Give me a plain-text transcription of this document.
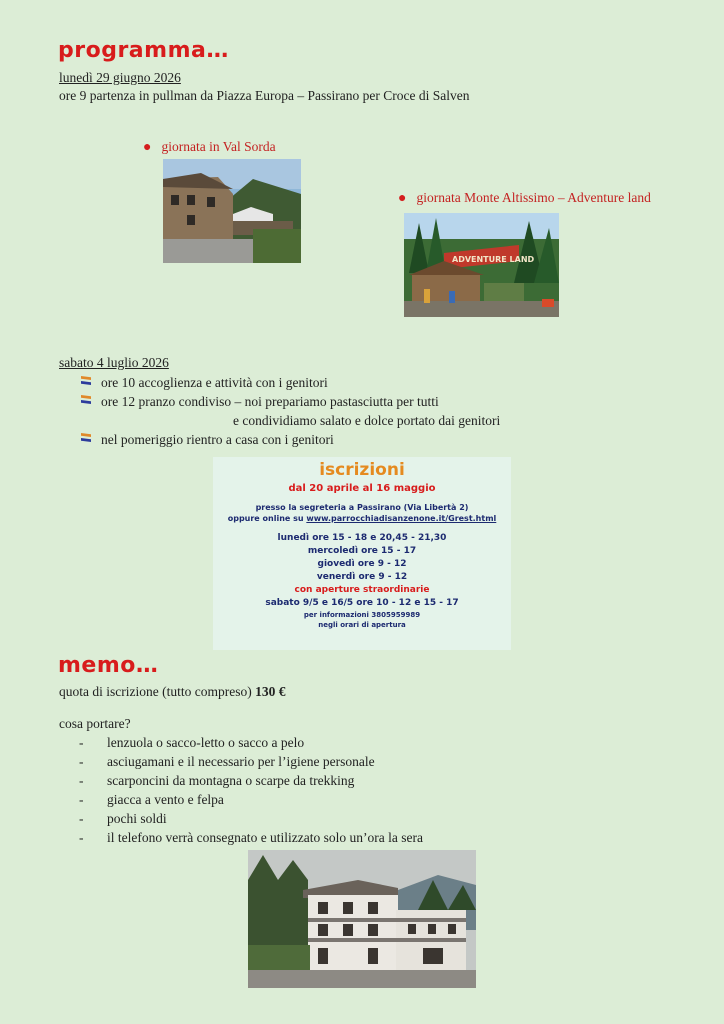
programma…
lunedì 29 giugno 2026
ore 9 partenza in pullman da Piazza Europa – Passirano per Croce di Salven
● giornata in Val Sorda
● giornata Monte Altissimo – Adventure land
ADVENTURE LAND
sabato 4 luglio 2026
ore 10 accoglienza e attività con i genitori
ore 12 pranzo condiviso – noi prepariamo pastasciutta per tutti
e condividiamo salato e dolce portato dai genitori
nel pomeriggio rientro a casa con i genitori
iscrizioni
dal 20 aprile al 16 maggio
presso la segreteria a Passirano (Via Libertà 2)
oppure online su www.parrocchiadisanzenone.it/Grest.html
lunedì ore 15 - 18 e 20,45 - 21,30
mercoledì ore 15 - 17
giovedì ore 9 - 12
venerdì ore 9 - 12
con aperture straordinarie
sabato 9/5 e 16/5 ore 10 - 12 e 15 - 17
per informazioni 3805959989
negli orari di apertura
memo…
quota di iscrizione (tutto compreso) 130 €
cosa portare?
- lenzuola o sacco-letto o sacco a pelo
- asciugamani e il necessario per l’igiene personale
- scarponcini da montagna o scarpe da trekking
- giacca a vento e felpa
- pochi soldi
- il telefono verrà consegnato e utilizzato solo un’ora la sera
